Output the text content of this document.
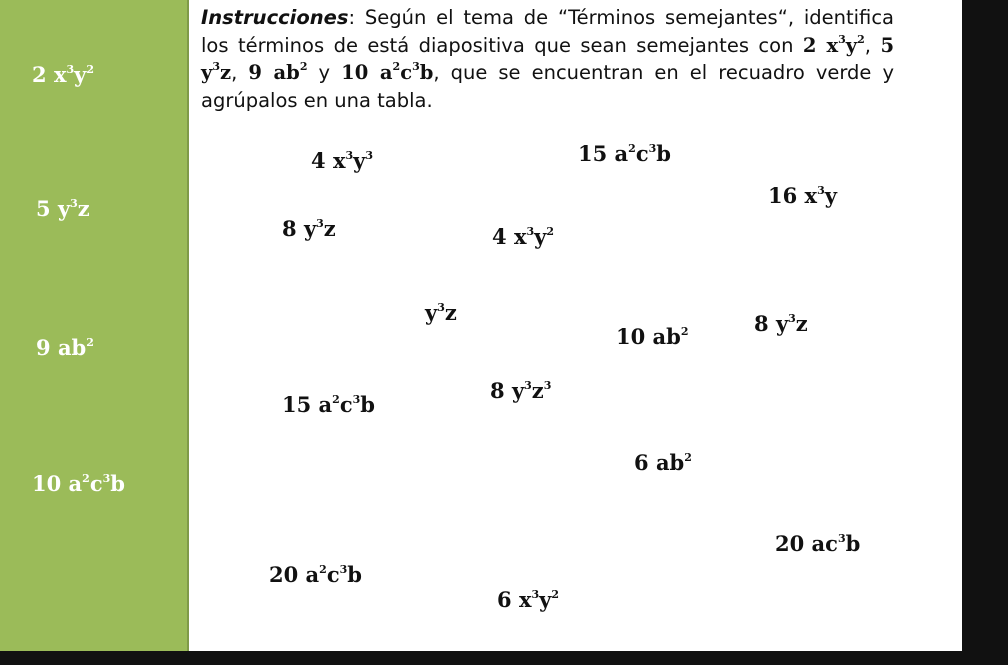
2 $x^3y^2$
5 $y^3z$
9 $ab^2$
10 $a^2c^3b$
Instrucciones: Según el tema de “Términos semejantes“, identifica los términos de está diapositiva que sean semejantes con 2 $x^3y^2$, 5 $y^3z$, 9 $ab^2$ y 10 $a^2c^3b$, que se encuentran en el recuadro verde y agrúpalos en una tabla.
4 $x^3y^3$	15 $a^2c^3b$
16 $x^3y$
8 $y^3z$	4 $x^3y^2$
$y^3z$
10 $ab^2$	8 $y^3z$
15 $a^2c^3b$
8 $y^3z^3$
6 $ab^2$
20 $ac^3b$
20 $a^2c^3b$
6 $x^3y^2$
